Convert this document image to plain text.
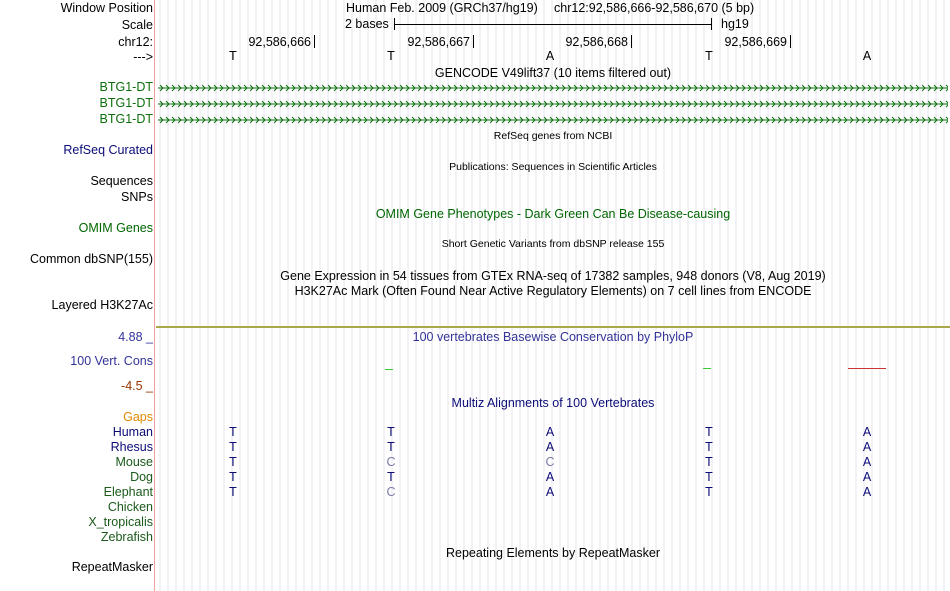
Window Position	Human Feb. 2009 (GRCh37/hg19) chr12:92,586,666-92,586,670 (5 bp)
Scale	2 bases	hg19
chr12:	92,586,666	92,586,667	92,586,668	92,586,669
--->	T	T	A	T	A
GENCODE V49lift37 (10 items filtered out)
BTG1-DT
BTG1-DT
BTG1-DT
RefSeq genes from NCBI
RefSeq Curated
Publications: Sequences in Scientific Articles
Sequences
SNPs
OMIM Gene Phenotypes - Dark Green Can Be Disease-causing
OMIM Genes
Short Genetic Variants from dbSNP release 155
Common dbSNP(155)
Gene Expression in 54 tissues from GTEx RNA-seq of 17382 samples, 948 donors (V8, Aug 2019)
H3K27Ac Mark (Often Found Near Active Regulatory Elements) on 7 cell lines from ENCODE
Layered H3K27Ac
4.88 _	100 vertebrates Basewise Conservation by PhyloP
100 Vert. Cons
-4.5 _
Multiz Alignments of 100 Vertebrates
Gaps
Human	T	T	A	T	A
Rhesus	T	T	A	T	A
Mouse	T	C	C	T	A
Dog	T	T	A	T	A
Elephant	T	C	A	T	A
Chicken
X_tropicalis
Zebrafish
Repeating Elements by RepeatMasker
RepeatMasker
